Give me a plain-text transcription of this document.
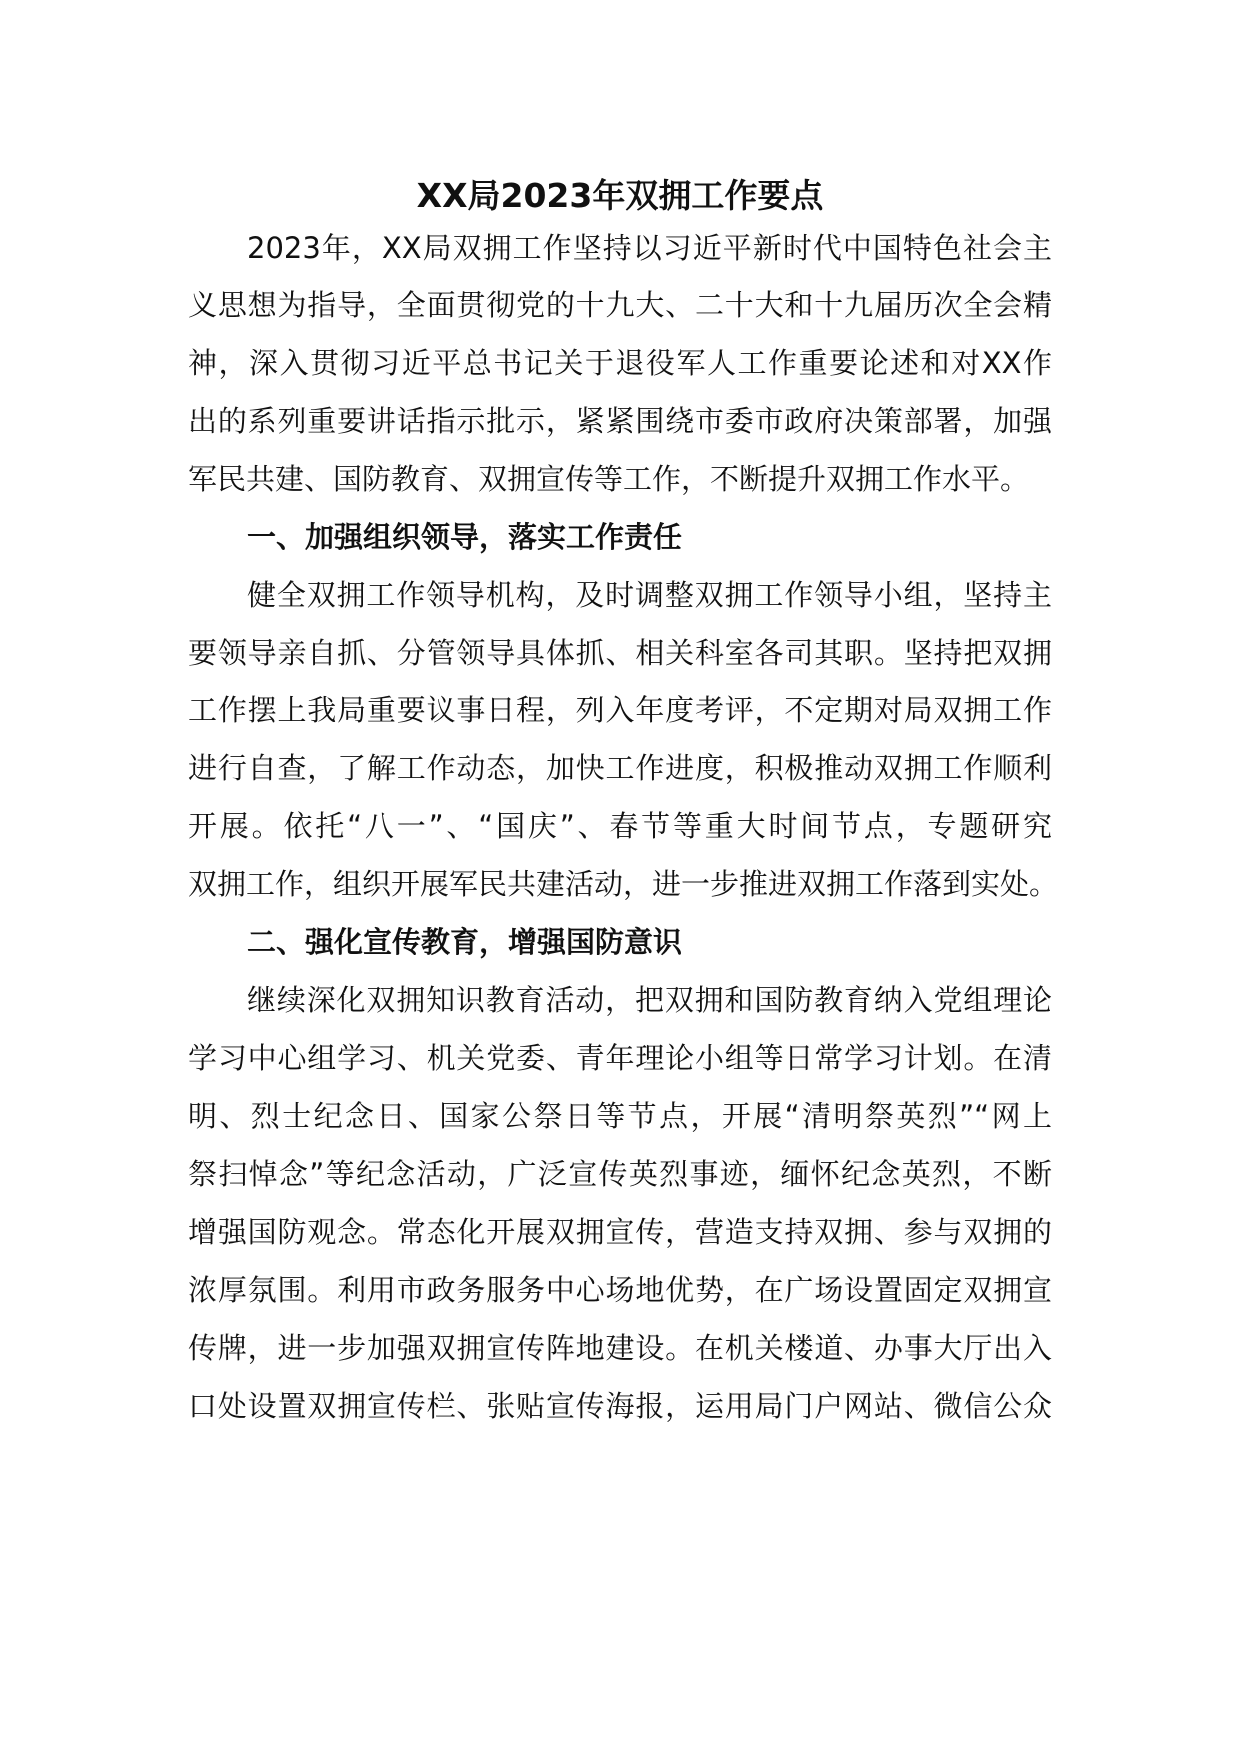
XX局2023年双拥工作要点

2023年，XX局双拥工作坚持以习近平新时代中国特色社会主

义思想为指导，全面贯彻党的十九大、二十大和十九届历次全会精

神，深入贯彻习近平总书记关于退役军人工作重要论述和对XX作

出的系列重要讲话指示批示，紧紧围绕市委市政府决策部署，加强

军民共建、国防教育、双拥宣传等工作，不断提升双拥工作水平。

一、加强组织领导，落实工作责任

健全双拥工作领导机构，及时调整双拥工作领导小组，坚持主

要领导亲自抓、分管领导具体抓、相关科室各司其职。坚持把双拥

工作摆上我局重要议事日程，列入年度考评，不定期对局双拥工作

进行自查，了解工作动态，加快工作进度，积极推动双拥工作顺利

开展。依托“八一”、“国庆”、春节等重大时间节点，专题研究

双拥工作，组织开展军民共建活动，进一步推进双拥工作落到实处。

二、强化宣传教育，增强国防意识

继续深化双拥知识教育活动，把双拥和国防教育纳入党组理论

学习中心组学习、机关党委、青年理论小组等日常学习计划。在清

明、烈士纪念日、国家公祭日等节点，开展“清明祭英烈”“网上

祭扫悼念”等纪念活动，广泛宣传英烈事迹，缅怀纪念英烈，不断

增强国防观念。常态化开展双拥宣传，营造支持双拥、参与双拥的

浓厚氛围。利用市政务服务中心场地优势，在广场设置固定双拥宣

传牌，进一步加强双拥宣传阵地建设。在机关楼道、办事大厅出入

口处设置双拥宣传栏、张贴宣传海报，运用局门户网站、微信公众
